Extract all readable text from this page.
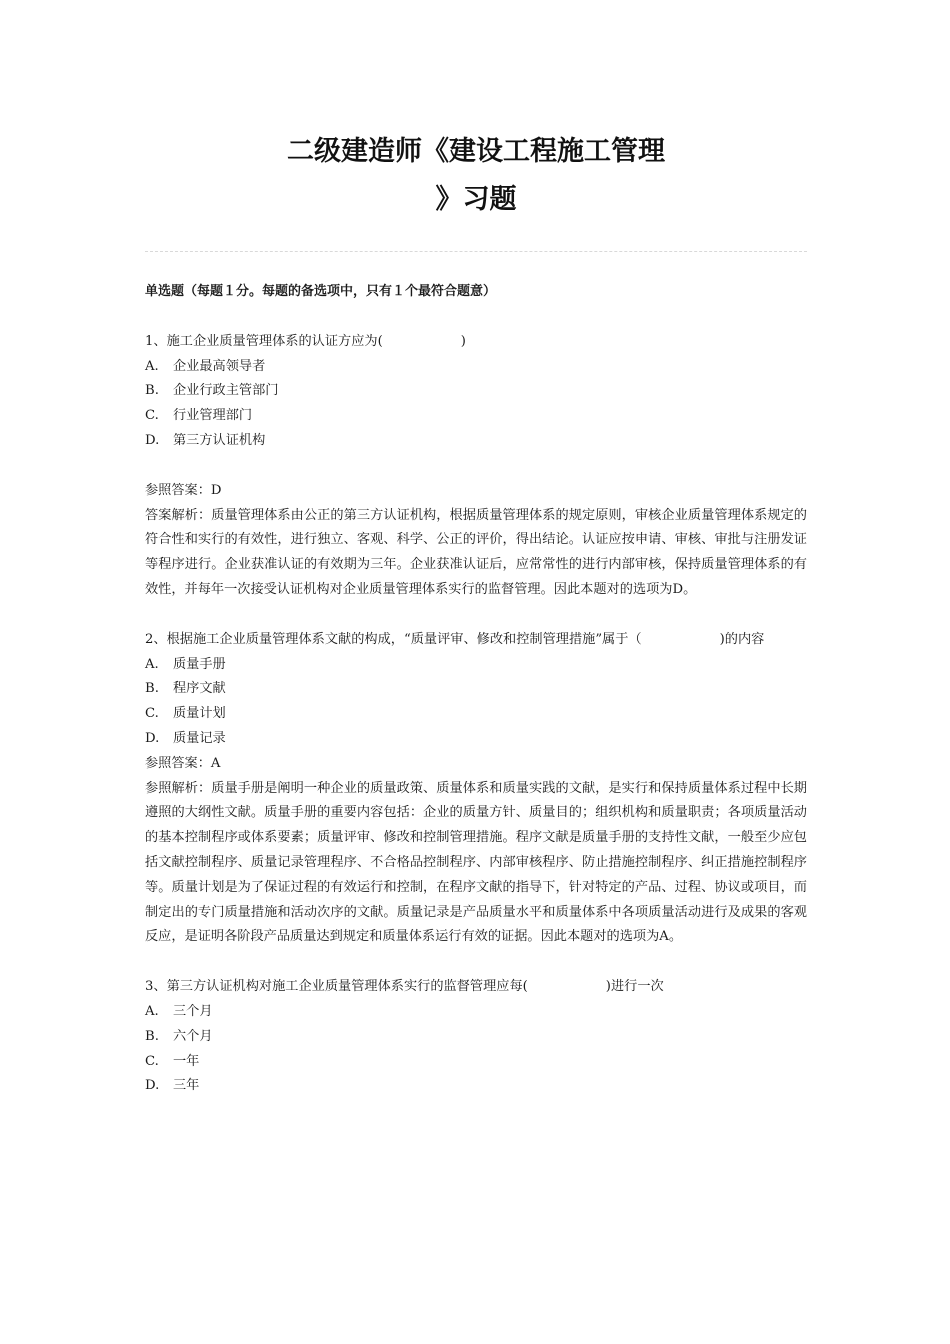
二级建造师《建设工程施工管理
》习题

单选题（每题１分。每题的备选项中，只有１个最符合题意）

1、施工企业质量管理体系的认证方应为(	)

A. 企业最高领导者

B. 企业行政主管部门

C. 行业管理部门

D. 第三方认证机构

参照答案：D

答案解析：质量管理体系由公正的第三方认证机构，根据质量管理体系的规定原则，审核企业质量管理体系规定的符合性和实行的有效性，进行独立、客观、科学、公正的评价，得出结论。认证应按申请、审核、审批与注册发证等程序进行。企业获准认证的有效期为三年。企业获准认证后，应常常性的进行内部审核，保持质量管理体系的有效性，并每年一次接受认证机构对企业质量管理体系实行的监督管理。因此本题对的选项为D。

2、根据施工企业质量管理体系文献的构成，“质量评审、修改和控制管理措施”属于（	)的内容

A. 质量手册

B. 程序文献

C. 质量计划

D. 质量记录

参照答案：A

参照解析：质量手册是阐明一种企业的质量政策、质量体系和质量实践的文献，是实行和保持质量体系过程中长期遵照的大纲性文献。质量手册的重要内容包括：企业的质量方针、质量目的；组织机构和质量职责；各项质量活动的基本控制程序或体系要素；质量评审、修改和控制管理措施。程序文献是质量手册的支持性文献，一般至少应包括文献控制程序、质量记录管理程序、不合格品控制程序、内部审核程序、防止措施控制程序、纠正措施控制程序等。质量计划是为了保证过程的有效运行和控制，在程序文献的指导下，针对特定的产品、过程、协议或项目，而制定出的专门质量措施和活动次序的文献。质量记录是产品质量水平和质量体系中各项质量活动进行及成果的客观反应，是证明各阶段产品质量达到规定和质量体系运行有效的证据。因此本题对的选项为A。

3、第三方认证机构对施工企业质量管理体系实行的监督管理应每(	)进行一次

A. 三个月

B. 六个月

C. 一年

D. 三年
